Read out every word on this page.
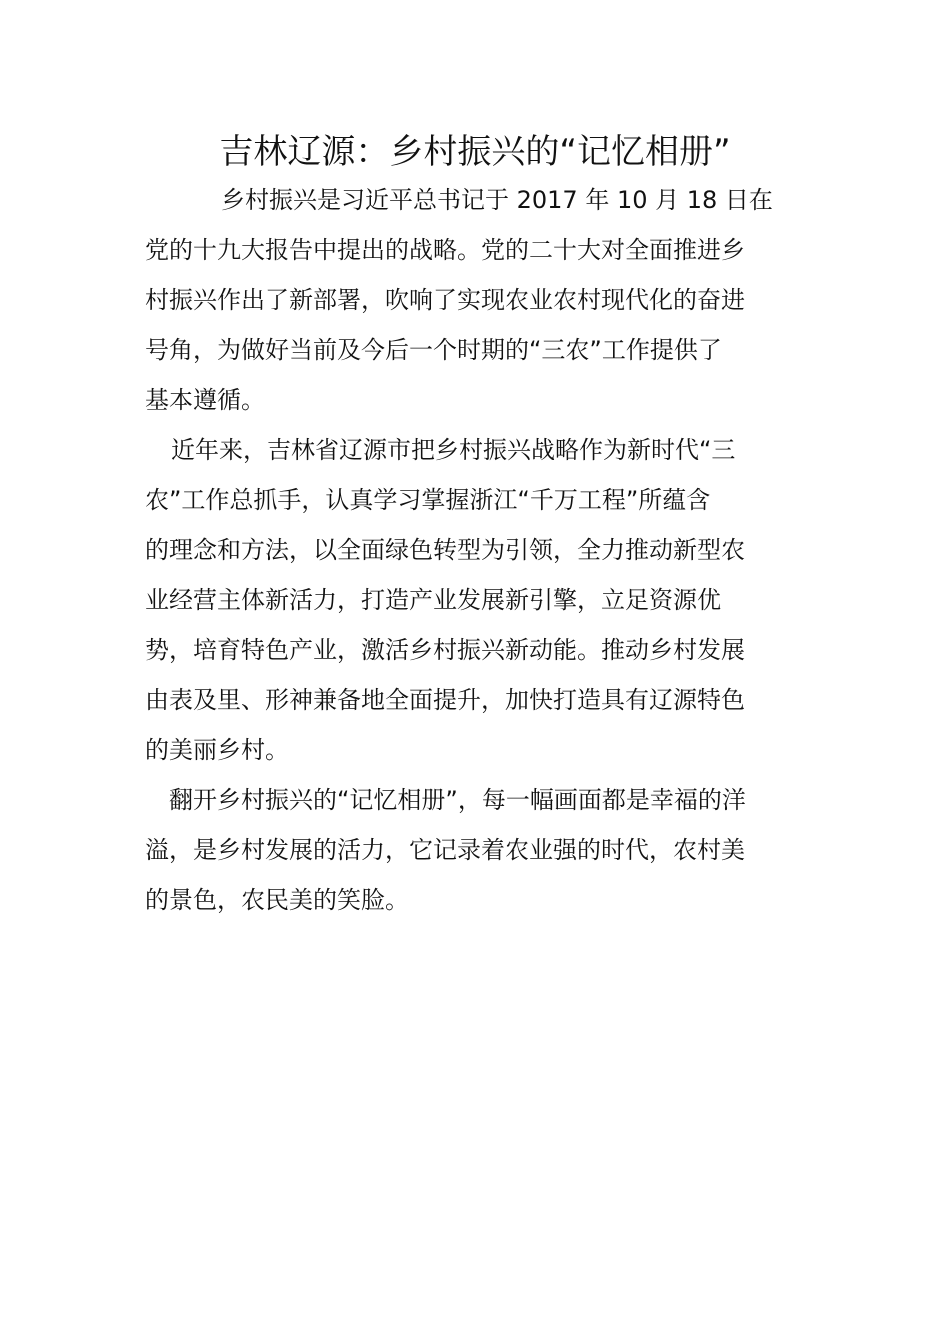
吉林辽源：乡村振兴的“记忆相册”

乡村振兴是习近平总书记于 2017 年 10 月 18 日在
党的十九大报告中提出的战略。党的二十大对全面推进乡
村振兴作出了新部署，吹响了实现农业农村现代化的奋进
号角，为做好当前及今后一个时期的“三农”工作提供了
基本遵循。

近年来，吉林省辽源市把乡村振兴战略作为新时代“三
农”工作总抓手，认真学习掌握浙江“千万工程”所蕴含
的理念和方法，以全面绿色转型为引领，全力推动新型农
业经营主体新活力，打造产业发展新引擎，立足资源优
势，培育特色产业，激活乡村振兴新动能。推动乡村发展
由表及里、形神兼备地全面提升，加快打造具有辽源特色
的美丽乡村。

翻开乡村振兴的“记忆相册”，每一幅画面都是幸福的洋
溢，是乡村发展的活力，它记录着农业强的时代，农村美
的景色，农民美的笑脸。
